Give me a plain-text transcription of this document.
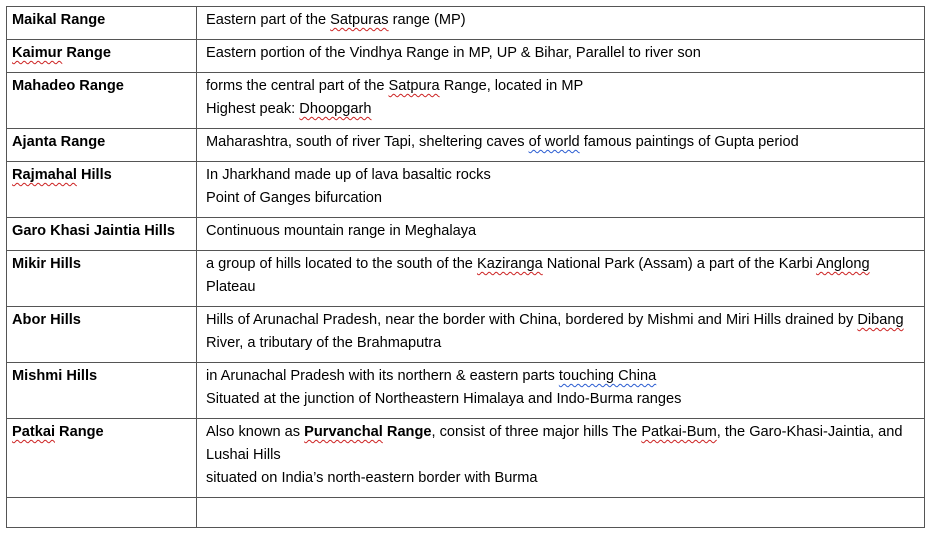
Maikal Range	Eastern part of the Satpuras range (MP)

Kaimur Range	Eastern portion of the Vindhya Range in MP, UP & Bihar, Parallel to river son

Mahadeo Range	forms the central part of the Satpura Range, located in MP
Highest peak: Dhoopgarh

Ajanta Range	Maharashtra, south of river Tapi, sheltering caves of world famous paintings of Gupta period

Rajmahal Hills	In Jharkhand made up of lava basaltic rocks
Point of Ganges bifurcation

Garo Khasi Jaintia Hills	Continuous mountain range in Meghalaya

Mikir Hills	a group of hills located to the south of the Kaziranga National Park (Assam) a part of the Karbi Anglong Plateau

Abor Hills	Hills of Arunachal Pradesh, near the border with China, bordered by Mishmi and Miri Hills drained by Dibang River, a tributary of the Brahmaputra

Mishmi Hills	in Arunachal Pradesh with its northern & eastern parts touching China
Situated at the junction of Northeastern Himalaya and Indo-Burma ranges

Patkai Range	Also known as Purvanchal Range, consist of three major hills The Patkai-Bum, the Garo-Khasi-Jaintia, and Lushai Hills
situated on India’s north-eastern border with Burma
